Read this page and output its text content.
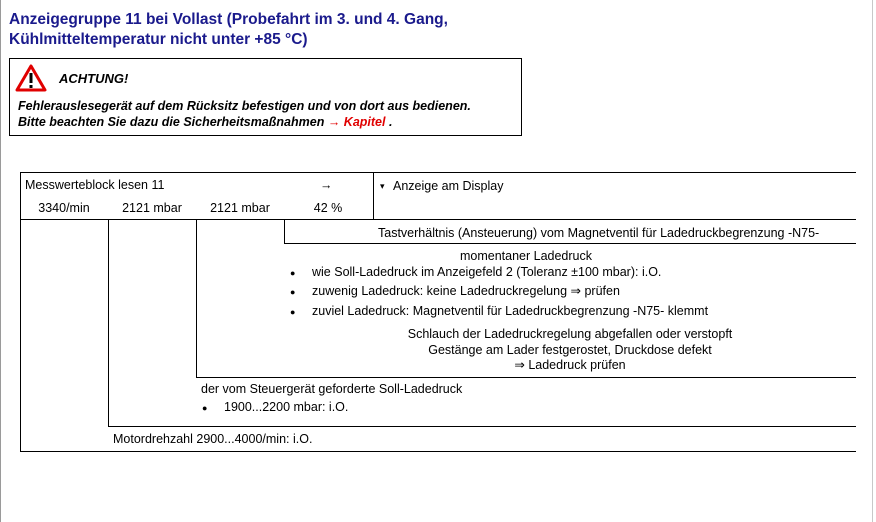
Anzeigegruppe 11 bei Vollast (Probefahrt im 3. und 4. Gang,
Kühlmitteltemperatur nicht unter +85 °C)
ACHTUNG!
Fehlerauslesegerät auf dem Rücksitz befestigen und von dort aus bedienen.
Bitte beachten Sie dazu die Sicherheitsmaßnahmen → Kapitel .
Messwerteblock lesen 11	→	▾ Anzeige am Display
3340/min	2121 mbar	2121 mbar	42 %
Tastverhältnis (Ansteuerung) vom Magnetventil für Ladedruckbegrenzung -N75-
momentaner Ladedruck
● wie Soll-Ladedruck im Anzeigefeld 2 (Toleranz ±100 mbar): i.O.
● zuwenig Ladedruck: keine Ladedruckregelung ⇒ prüfen
● zuviel Ladedruck: Magnetventil für Ladedruckbegrenzung -N75- klemmt
Schlauch der Ladedruckregelung abgefallen oder verstopft
Gestänge am Lader festgerostet, Druckdose defekt
⇒ Ladedruck prüfen
der vom Steuergerät geforderte Soll-Ladedruck
● 1900...2200 mbar: i.O.
Motordrehzahl 2900...4000/min: i.O.
